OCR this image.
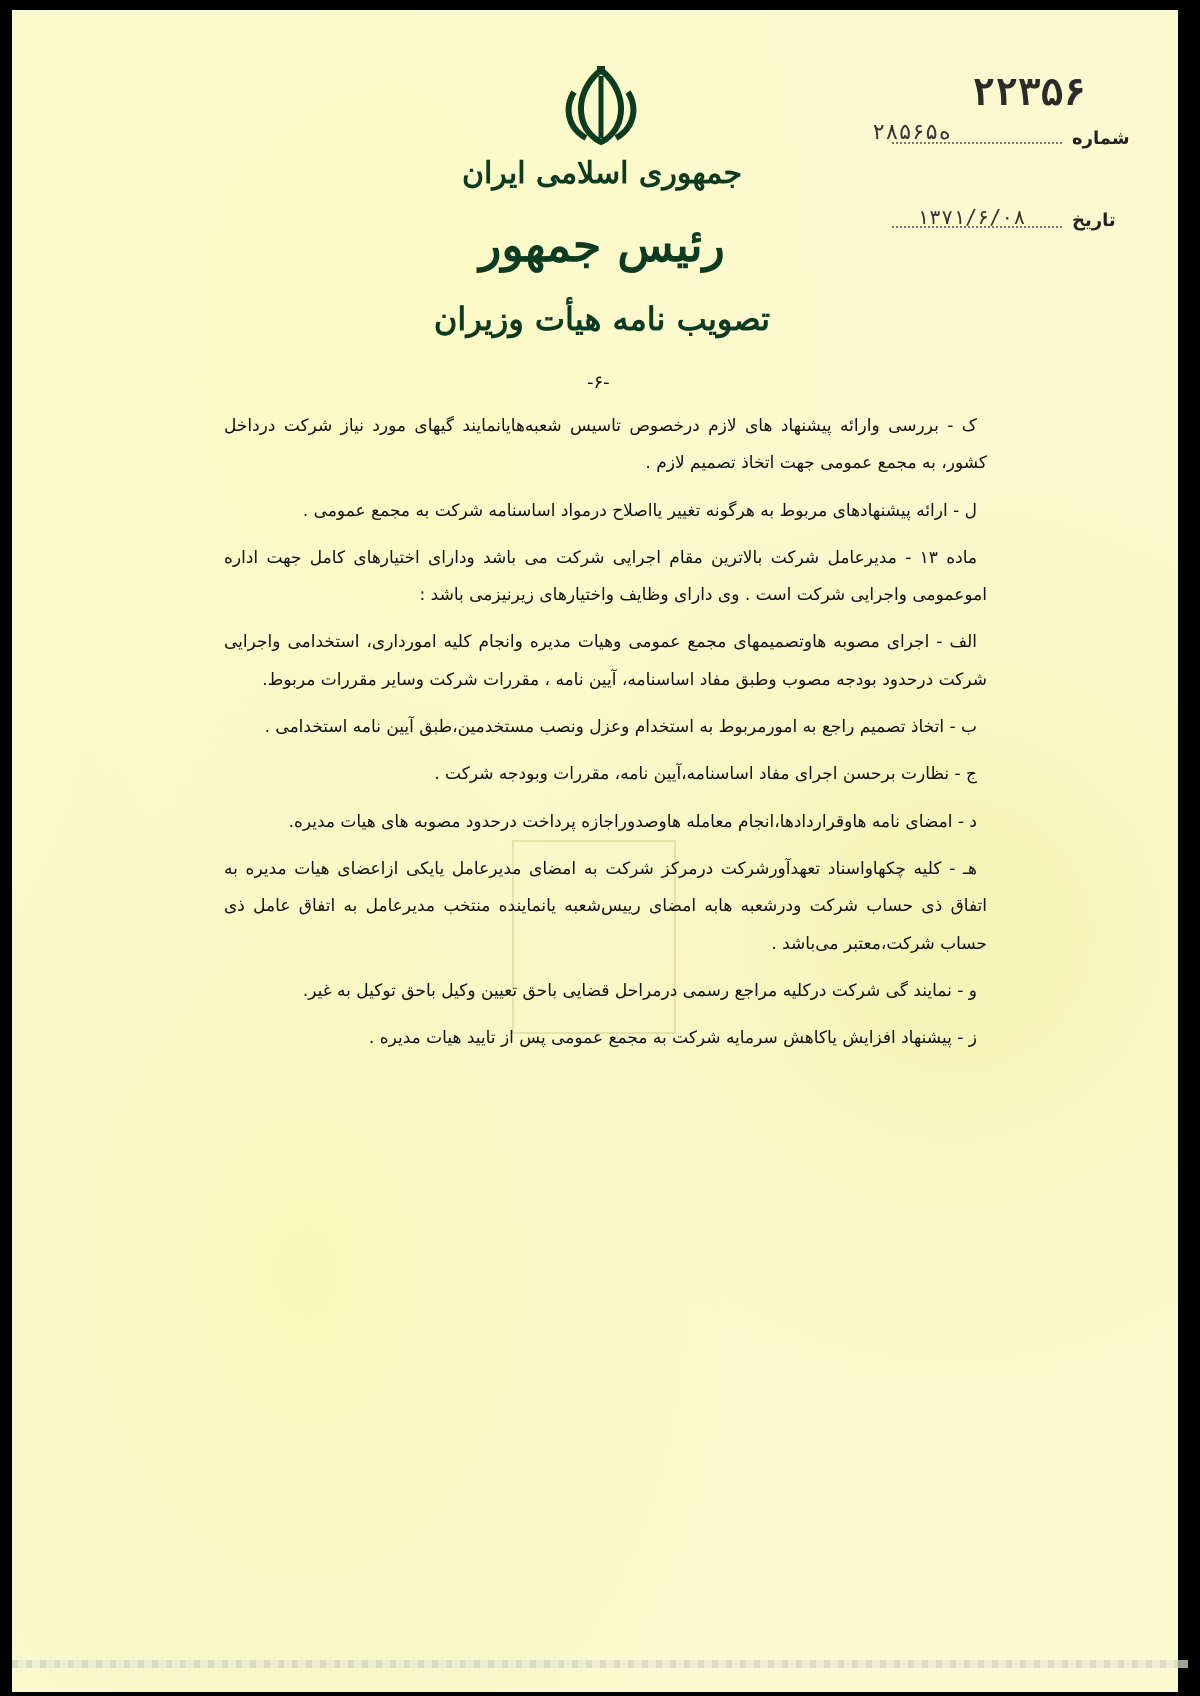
جمهوری اسلامی ایران
رئیس جمهور
تصویب نامه هیأت وزیران
۲۲۳۵۶
شماره
ه۲۸۵۶۵
تاریخ
۱۳۷۱/۶/۰۸
-۶-

ک - بررسی وارائه پیشنهاد های لازم درخصوص تاسیس شعبه‌هایانمایند گیهای مورد نیاز شرکت درداخل کشور، به مجمع عمومی جهت اتخاذ تصمیم لازم .

ل - ارائه پیشنهادهای مربوط به هرگونه تغییر یااصلاح درمواد اساسنامه شرکت به مجمع عمومی .

ماده ۱۳ - مدیرعامل شرکت بالاترین مقام اجرایی شرکت می باشد ودارای اختیارهای کامل جهت اداره اموعمومی واجرایی شرکت است . وی دارای وظایف واختیارهای زیرنیزمی باشد :

الف - اجرای مصوبه هاوتصمیمهای مجمع عمومی وهیات مدیره وانجام کلیه امورداری، استخدامی واجرایی شرکت درحدود بودجه مصوب وطبق مفاد اساسنامه، آیین نامه ، مقررات شرکت وسایر مقررات مربوط.

ب - اتخاذ تصمیم راجع به امورمربوط به استخدام وعزل ونصب مستخدمین،طبق آیین نامه استخدامی .

ج - نظارت برحسن اجرای مفاد اساسنامه،آیین نامه، مقررات وبودجه شرکت .

د - امضای نامه هاوقراردادها،انجام معامله هاوصدوراجازه پرداخت درحدود مصوبه های هیات مدیره.

هـ - کلیه چکهاواسناد تعهدآورشرکت درمرکز شرکت به امضای مدیرعامل یایکی ازاعضای هیات مدیره به اتفاق ذی حساب شرکت ودرشعبه هابه امضای رییس‌شعبه یانماینده منتخب مدیرعامل به اتفاق عامل ذی حساب شرکت،معتبر می‌باشد .

و - نمایند گی شرکت درکلیه مراجع رسمی درمراحل قضایی باحق تعیین وکیل باحق توکیل به غیر.

ز - پیشنهاد افزایش یاکاهش سرمایه شرکت به مجمع عمومی پس از تایید هیات مدیره .
